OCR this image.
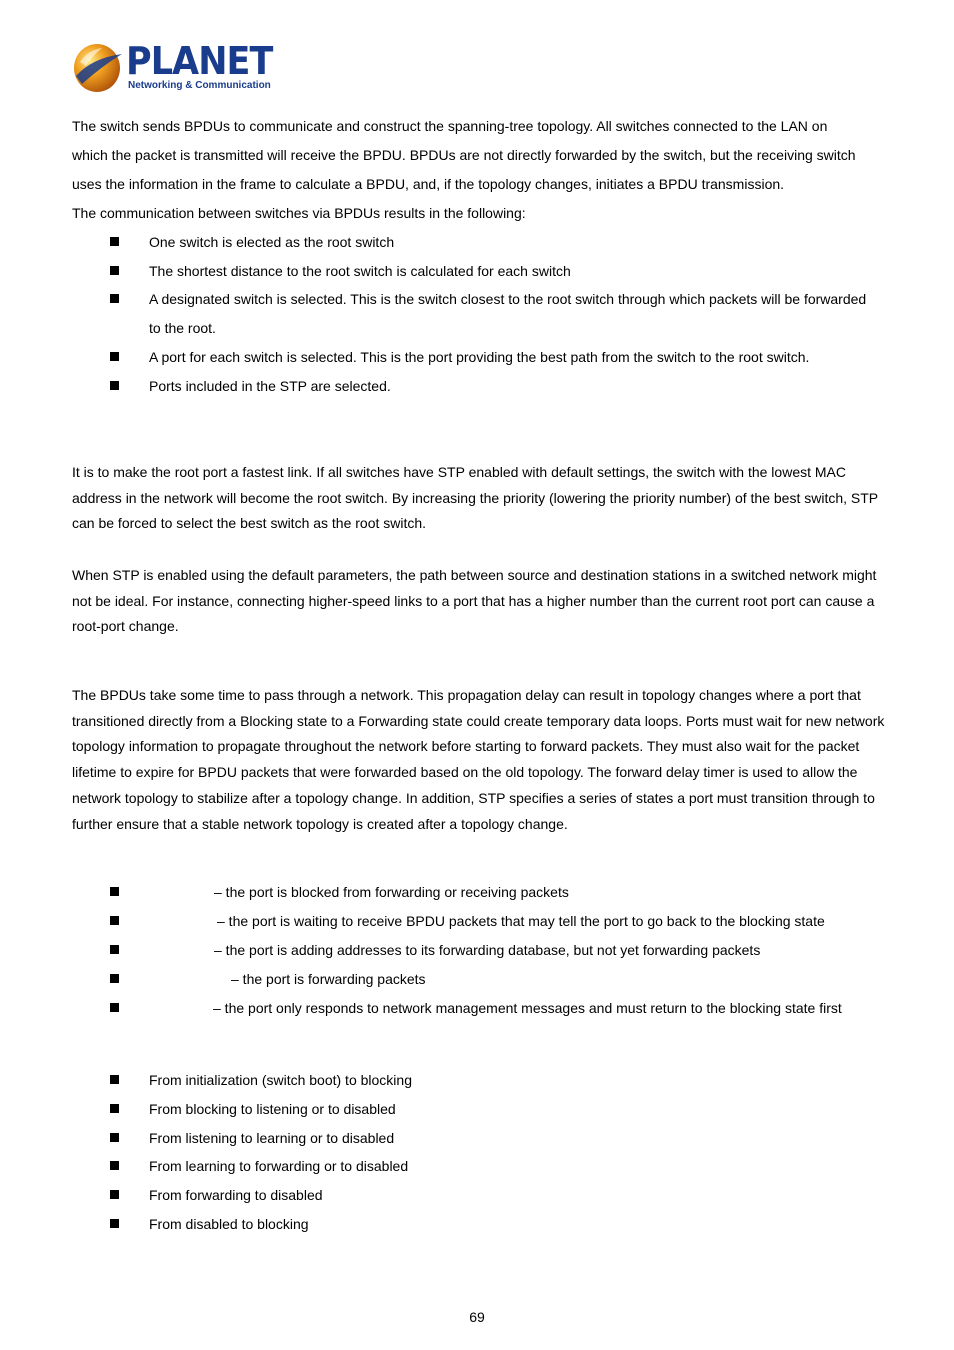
PLANET
Networking & Communication
The switch sends BPDUs to communicate and construct the spanning-tree topology. All switches connected to the LAN on
which the packet is transmitted will receive the BPDU. BPDUs are not directly forwarded by the switch, but the receiving switch
uses the information in the frame to calculate a BPDU, and, if the topology changes, initiates a BPDU transmission.
The communication between switches via BPDUs results in the following:
One switch is elected as the root switch
The shortest distance to the root switch is calculated for each switch
A designated switch is selected. This is the switch closest to the root switch through which packets will be forwarded
to the root.
A port for each switch is selected. This is the port providing the best path from the switch to the root switch.
Ports included in the STP are selected.
It is to make the root port a fastest link. If all switches have STP enabled with default settings, the switch with the lowest MAC address in the network will become the root switch. By increasing the priority (lowering the priority number) of the best switch, STP can be forced to select the best switch as the root switch.
When STP is enabled using the default parameters, the path between source and destination stations in a switched network might not be ideal. For instance, connecting higher-speed links to a port that has a higher number than the current root port can cause a root-port change.
The BPDUs take some time to pass through a network. This propagation delay can result in topology changes where a port that transitioned directly from a Blocking state to a Forwarding state could create temporary data loops. Ports must wait for new network topology information to propagate throughout the network before starting to forward packets. They must also wait for the packet lifetime to expire for BPDU packets that were forwarded based on the old topology. The forward delay timer is used to allow the network topology to stabilize after a topology change. In addition, STP specifies a series of states a port must transition through to further ensure that a stable network topology is created after a topology change.
– the port is blocked from forwarding or receiving packets
– the port is waiting to receive BPDU packets that may tell the port to go back to the blocking state
– the port is adding addresses to its forwarding database, but not yet forwarding packets
– the port is forwarding packets
– the port only responds to network management messages and must return to the blocking state first
From initialization (switch boot) to blocking
From blocking to listening or to disabled
From listening to learning or to disabled
From learning to forwarding or to disabled
From forwarding to disabled
From disabled to blocking
69
